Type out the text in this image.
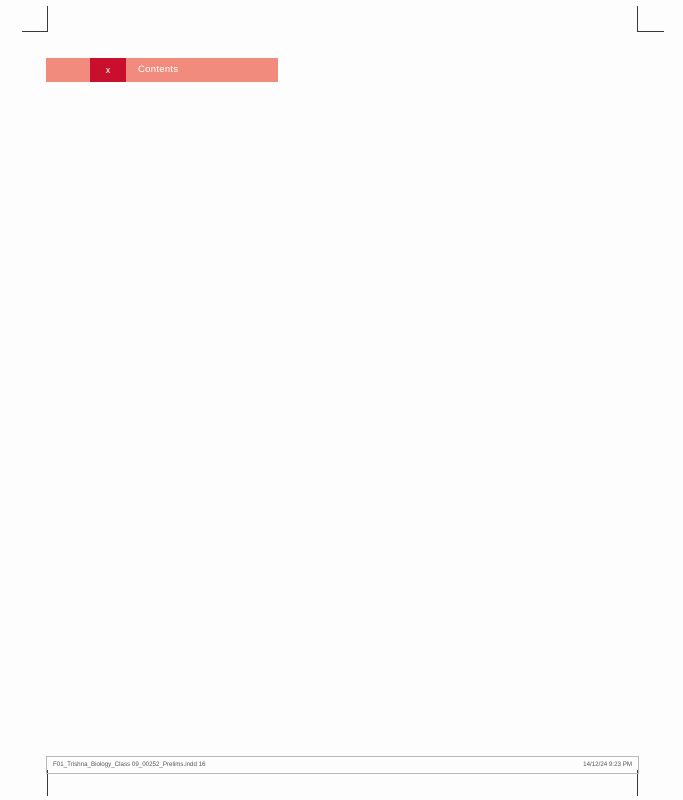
x	Contents
F01_Trishna_Biology_Class 09_00252_Prelims.indd 16	14/12/24 9:23 PM
